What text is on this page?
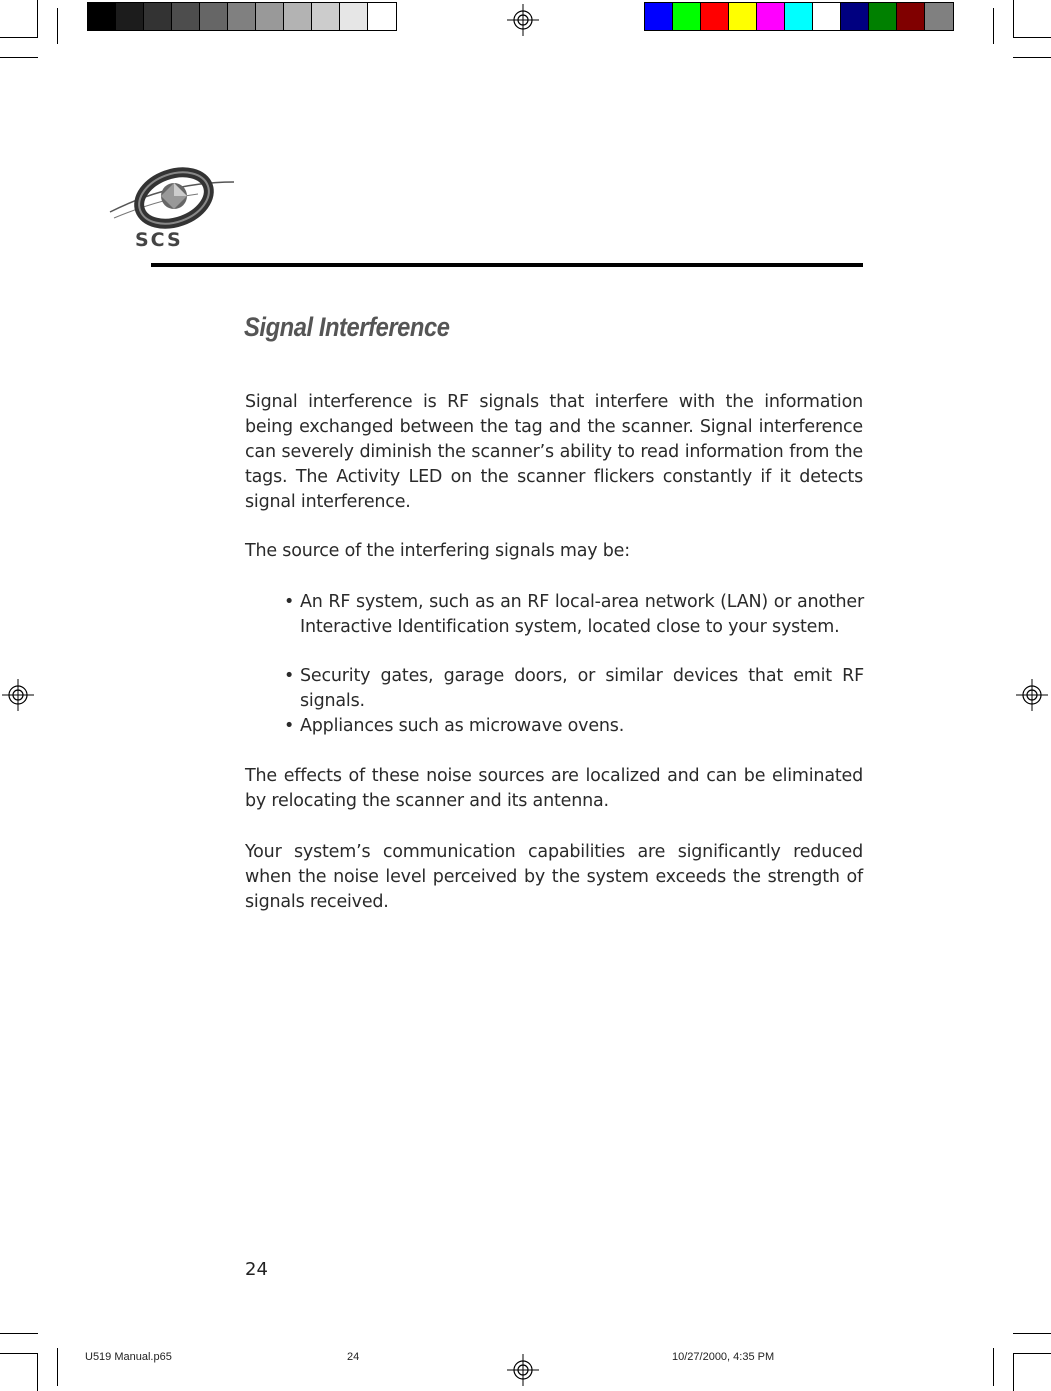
SCS
Signal Interference
Signal interference is RF signals that interfere with the information being exchanged between the tag and the scanner. Signal interference can severely diminish the scanner’s ability to read information from the tags. The Activity LED on the scanner flickers constantly if it detects signal interference.
The source of the interfering signals may be:
• An RF system, such as an RF local-area network (LAN) or another Interactive Identification system, located close to your system.
• Security gates, garage doors, or similar devices that emit RF signals.
• Appliances such as microwave ovens.
The effects of these noise sources are localized and can be eliminated by relocating the scanner and its antenna.
Your system’s communication capabilities are significantly reduced when the noise level perceived by the system exceeds the strength of signals received.
24
U519 Manual.p65	24	10/27/2000, 4:35 PM
